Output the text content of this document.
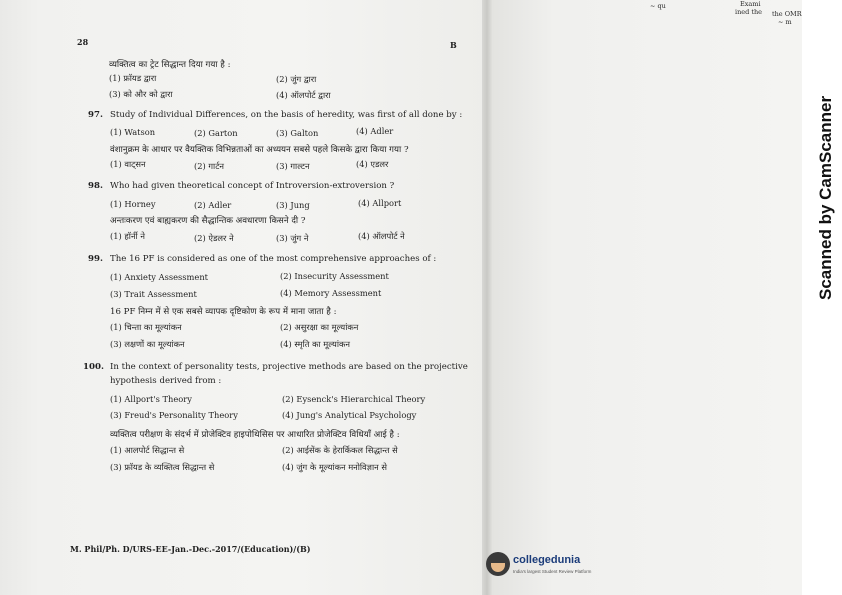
~ qu	Exami
ined the the OMR
~ m
28	B
व्यक्तित्व का ट्रेट सिद्धान्त दिया गया है :
(1) फ्रॉयड द्वारा	(2) जुंग द्वारा
(3) को और को द्वारा	(4) ऑलपोर्ट द्वारा
97. Study of Individual Differences, on the basis of heredity, was first of all done by :
(1) Watson	(2) Garton	(3) Galton	(4) Adler
वंशानुक्रम के आधार पर वैयक्तिक विभिन्नताओं का अध्ययन सबसे पहले किसके द्वारा किया गया ?
(1) वाट्सन	(2) गार्टन	(3) गाल्टन	(4) एडलर
98. Who had given theoretical concept of Introversion-extroversion ?
(1) Horney	(2) Adler	(3) Jung	(4) Allport
अन्तःकरण एवं बाह्यकरण की सैद्धान्तिक अवधारणा किसने दी ?
(1) हॉर्नी ने	(2) ऐडलर ने	(3) जुंग ने	(4) ऑलपोर्ट ने
99. The 16 PF is considered as one of the most comprehensive approaches of :
(1) Anxiety Assessment	(2) Insecurity Assessment
(3) Trait Assessment	(4) Memory Assessment
16 PF निम्न में से एक सबसे व्यापक दृष्टिकोण के रूप में माना जाता है :
(1) चिन्ता का मूल्यांकन	(2) असुरक्षा का मूल्यांकन
(3) लक्षणों का मूल्यांकन	(4) स्मृति का मूल्यांकन
100. In the context of personality tests, projective methods are based on the projective
hypothesis derived from :
(1) Allport's Theory	(2) Eysenck's Hierarchical Theory
(3) Freud's Personality Theory	(4) Jung's Analytical Psychology
व्यक्तित्व परीक्षण के संदर्भ में प्रोजेक्टिव हाइपोथिसिस पर आधारित प्रोजेक्टिव विधियाँ आई है :
(1) आलपोर्ट सिद्धान्त से	(2) आईसेंक के हेरार्किकल सिद्धान्त से
(3) फ्रॉयड के व्यक्तित्व सिद्धान्त से	(4) जुंग के मूल्यांकन मनोविज्ञान से
M. Phil/Ph. D/URS-EE-Jan.-Dec.-2017/(Education)/(B)
Scanned by CamScanner
collegedunia
India's largest Student Review Platform
